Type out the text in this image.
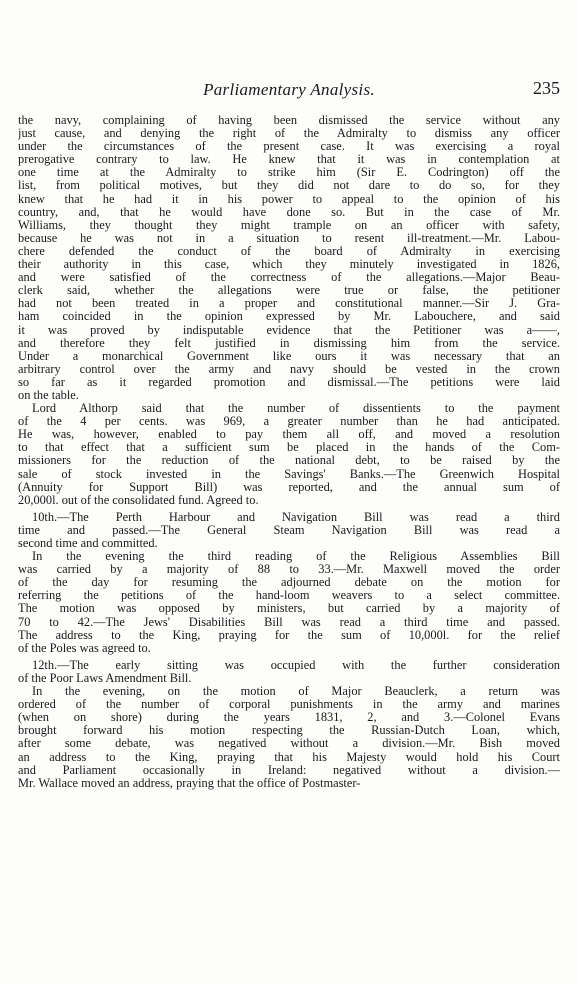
Parliamentary Analysis.	235
the navy, complaining of having been dismissed the service without any
just cause, and denying the right of the Admiralty to dismiss any officer
under the circumstances of the present case. It was exercising a royal
prerogative contrary to law. He knew that it was in contemplation at
one time at the Admiralty to strike him (Sir E. Codrington) off the
list, from political motives, but they did not dare to do so, for they
knew that he had it in his power to appeal to the opinion of his
country, and, that he would have done so. But in the case of Mr.
Williams, they thought they might trample on an officer with safety,
because he was not in a situation to resent ill-treatment.—Mr. Labou-
chere defended the conduct of the board of Admiralty in exercising
their authority in this case, which they minutely investigated in 1826,
and were satisfied of the correctness of the allegations.—Major Beau-
clerk said, whether the allegations were true or false, the petitioner
had not been treated in a proper and constitutional manner.—Sir J. Gra-
ham coincided in the opinion expressed by Mr. Labouchere, and said
it was proved by indisputable evidence that the Petitioner was a——,
and therefore they felt justified in dismissing him from the service.
Under a monarchical Government like ours it was necessary that an
arbitrary control over the army and navy should be vested in the crown
so far as it regarded promotion and dismissal.—The petitions were laid
on the table.
Lord Althorp said that the number of dissentients to the payment
of the 4 per cents. was 969, a greater number than he had anticipated.
He was, however, enabled to pay them all off, and moved a resolution
to that effect that a sufficient sum be placed in the hands of the Com-
missioners for the reduction of the national debt, to be raised by the
sale of stock invested in the Savings' Banks.—The Greenwich Hospital
(Annuity for Support Bill) was reported, and the annual sum of
20,000l. out of the consolidated fund. Agreed to.
10th.—The Perth Harbour and Navigation Bill was read a third
time and passed.—The General Steam Navigation Bill was read a
second time and committed.
In the evening the third reading of the Religious Assemblies Bill
was carried by a majority of 88 to 33.—Mr. Maxwell moved the order
of the day for resuming the adjourned debate on the motion for
referring the petitions of the hand-loom weavers to a select committee.
The motion was opposed by ministers, but carried by a majority of
70 to 42.—The Jews' Disabilities Bill was read a third time and passed.
The address to the King, praying for the sum of 10,000l. for the relief
of the Poles was agreed to.
12th.—The early sitting was occupied with the further consideration
of the Poor Laws Amendment Bill.
In the evening, on the motion of Major Beauclerk, a return was
ordered of the number of corporal punishments in the army and marines
(when on shore) during the years 1831, 2, and 3.—Colonel Evans
brought forward his motion respecting the Russian-Dutch Loan, which,
after some debate, was negatived without a division.—Mr. Bish moved
an address to the King, praying that his Majesty would hold his Court
and Parliament occasionally in Ireland: negatived without a division.—
Mr. Wallace moved an address, praying that the office of Postmaster-
